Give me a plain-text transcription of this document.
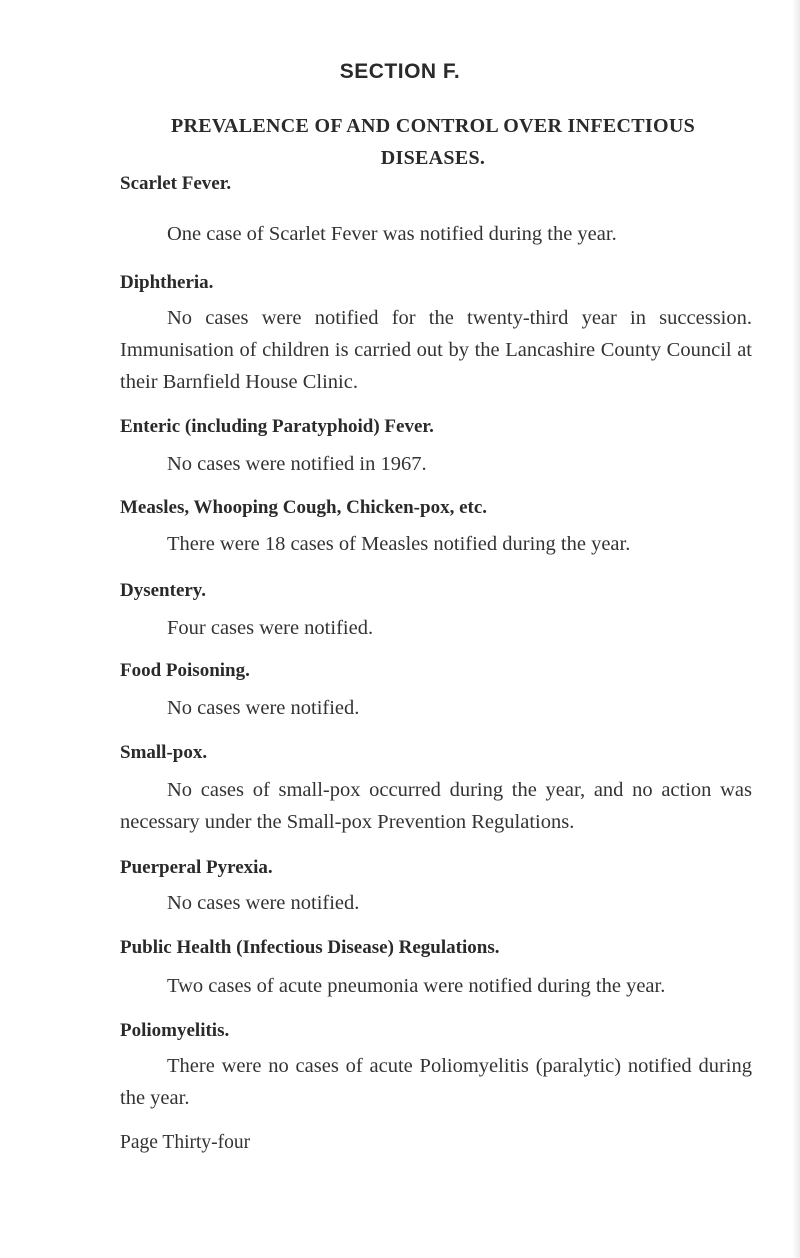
SECTION F.
PREVALENCE OF AND CONTROL OVER INFECTIOUS DISEASES.
Scarlet Fever.
One case of Scarlet Fever was notified during the year.
Diphtheria.
No cases were notified for the twenty-third year in succession. Immunisation of children is carried out by the Lancashire County Council at their Barnfield House Clinic.
Enteric (including Paratyphoid) Fever.
No cases were notified in 1967.
Measles, Whooping Cough, Chicken-pox, etc.
There were 18 cases of Measles notified during the year.
Dysentery.
Four cases were notified.
Food Poisoning.
No cases were notified.
Small-pox.
No cases of small-pox occurred during the year, and no action was necessary under the Small-pox Prevention Regulations.
Puerperal Pyrexia.
No cases were notified.
Public Health (Infectious Disease) Regulations.
Two cases of acute pneumonia were notified during the year.
Poliomyelitis.
There were no cases of acute Poliomyelitis (paralytic) notified during the year.
Page Thirty-four
